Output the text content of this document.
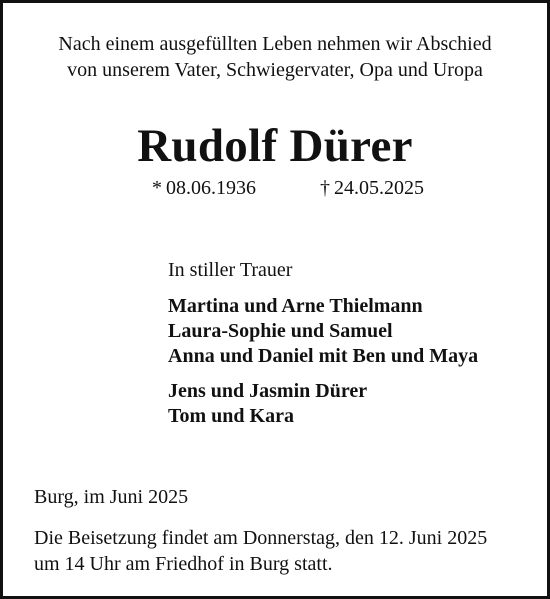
Nach einem ausgefüllten Leben nehmen wir Abschied
von unserem Vater, Schwiegervater, Opa und Uropa
Rudolf Dürer
* 08.06.1936	† 24.05.2025
In stiller Trauer
Martina und Arne Thielmann
Laura-Sophie und Samuel
Anna und Daniel mit Ben und Maya
Jens und Jasmin Dürer
Tom und Kara
Burg, im Juni 2025
Die Beisetzung findet am Donnerstag, den 12. Juni 2025
um 14 Uhr am Friedhof in Burg statt.
